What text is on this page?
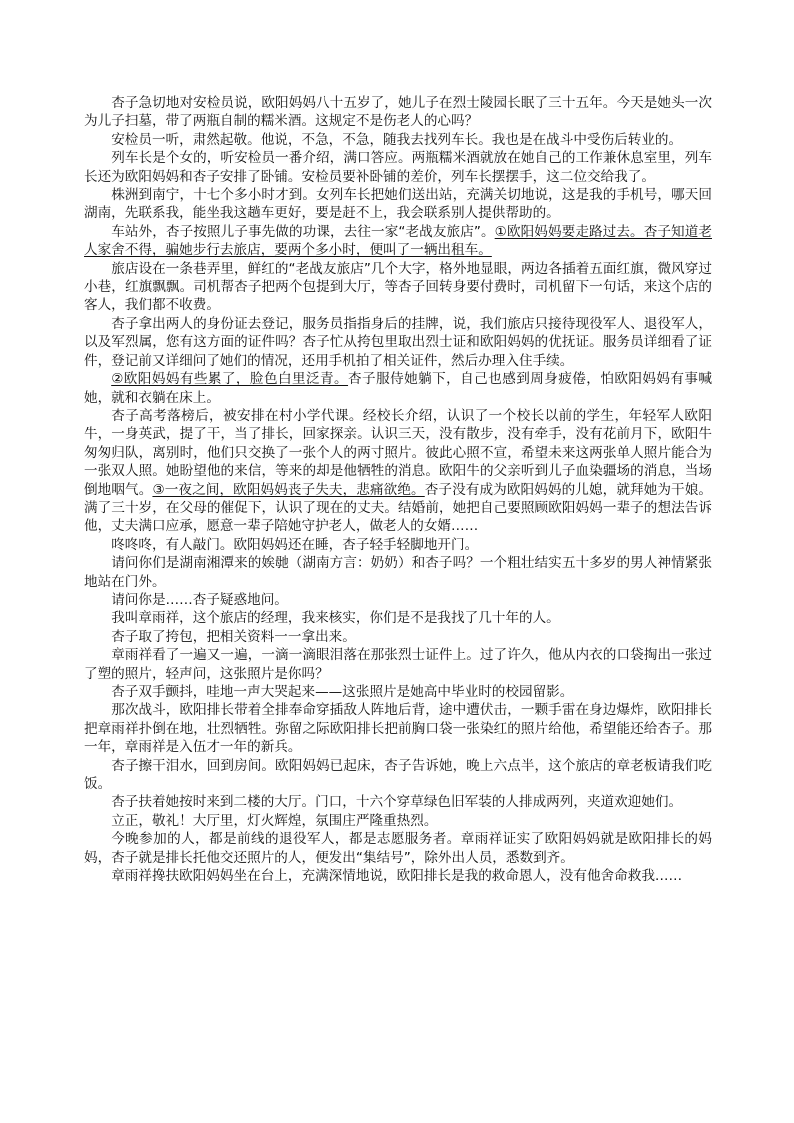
杏子急切地对安检员说，欧阳妈妈八十五岁了，她儿子在烈士陵园长眠了三十五年。今天是她头一次为儿子扫墓，带了两瓶自制的糯米酒。这规定不是伤老人的心吗？

安检员一听，肃然起敬。他说，不急，不急，随我去找列车长。我也是在战斗中受伤后转业的。

列车长是个女的，听安检员一番介绍，满口答应。两瓶糯米酒就放在她自己的工作兼休息室里，列车长还为欧阳妈妈和杏子安排了卧铺。安检员要补卧铺的差价，列车长摆摆手，这二位交给我了。

株洲到南宁，十七个多小时才到。女列车长把她们送出站，充满关切地说，这是我的手机号，哪天回湖南，先联系我，能坐我这趟车更好，要是赶不上，我会联系别人提供帮助的。

车站外，杏子按照儿子事先做的功课，去往一家“老战友旅店”。①欧阳妈妈要走路过去。杏子知道老人家舍不得，骗她步行去旅店，要两个多小时，便叫了一辆出租车。

旅店设在一条巷弄里，鲜红的“老战友旅店”几个大字，格外地显眼，两边各插着五面红旗，微风穿过小巷，红旗飘飘。司机帮杏子把两个包提到大厅，等杏子回转身要付费时，司机留下一句话，来这个店的客人，我们都不收费。

杏子拿出两人的身份证去登记，服务员指指身后的挂牌，说，我们旅店只接待现役军人、退役军人，以及军烈属，您有这方面的证件吗？杏子忙从挎包里取出烈士证和欧阳妈妈的优抚证。服务员详细看了证件，登记前又详细问了她们的情况，还用手机拍了相关证件，然后办理入住手续。

②欧阳妈妈有些累了，脸色白里泛青。杏子服侍她躺下，自己也感到周身疲倦，怕欧阳妈妈有事喊她，就和衣躺在床上。

杏子高考落榜后，被安排在村小学代课。经校长介绍，认识了一个校长以前的学生，年轻军人欧阳牛，一身英武，提了干，当了排长，回家探亲。认识三天，没有散步，没有牵手，没有花前月下，欧阳牛匆匆归队，离别时，他们只交换了一张个人的两寸照片。彼此心照不宣，希望未来这两张单人照片能合为一张双人照。她盼望他的来信，等来的却是他牺牲的消息。欧阳牛的父亲听到儿子血染疆场的消息，当场倒地咽气。③一夜之间，欧阳妈妈丧子失夫，悲痛欲绝。杏子没有成为欧阳妈妈的儿媳，就拜她为干娘。满了三十岁，在父母的催促下，认识了现在的丈夫。结婚前，她把自己要照顾欧阳妈妈一辈子的想法告诉他，丈夫满口应承，愿意一辈子陪她守护老人，做老人的女婿……

咚咚咚，有人敲门。欧阳妈妈还在睡，杏子轻手轻脚地开门。

请问你们是湖南湘潭来的娭毑（湖南方言：奶奶）和杏子吗？一个粗壮结实五十多岁的男人神情紧张地站在门外。

请问你是……杏子疑惑地问。

我叫章雨祥，这个旅店的经理，我来核实，你们是不是我找了几十年的人。

杏子取了挎包，把相关资料一一拿出来。

章雨祥看了一遍又一遍，一滴一滴眼泪落在那张烈士证件上。过了许久，他从内衣的口袋掏出一张过了塑的照片，轻声问，这张照片是你吗？

杏子双手颤抖，哇地一声大哭起来——这张照片是她高中毕业时的校园留影。

那次战斗，欧阳排长带着全排奉命穿插敌人阵地后背，途中遭伏击，一颗手雷在身边爆炸，欧阳排长把章雨祥扑倒在地，壮烈牺牲。弥留之际欧阳排长把前胸口袋一张染红的照片给他，希望能还给杏子。那一年，章雨祥是入伍才一年的新兵。

杏子擦干泪水，回到房间。欧阳妈妈已起床，杏子告诉她，晚上六点半，这个旅店的章老板请我们吃饭。

杏子扶着她按时来到二楼的大厅。门口，十六个穿草绿色旧军装的人排成两列，夹道欢迎她们。

立正，敬礼！大厅里，灯火辉煌，氛围庄严隆重热烈。

今晚参加的人，都是前线的退役军人，都是志愿服务者。章雨祥证实了欧阳妈妈就是欧阳排长的妈妈，杏子就是排长托他交还照片的人，便发出“集结号”，除外出人员，悉数到齐。

章雨祥搀扶欧阳妈妈坐在台上，充满深情地说，欧阳排长是我的救命恩人，没有他舍命救我……
